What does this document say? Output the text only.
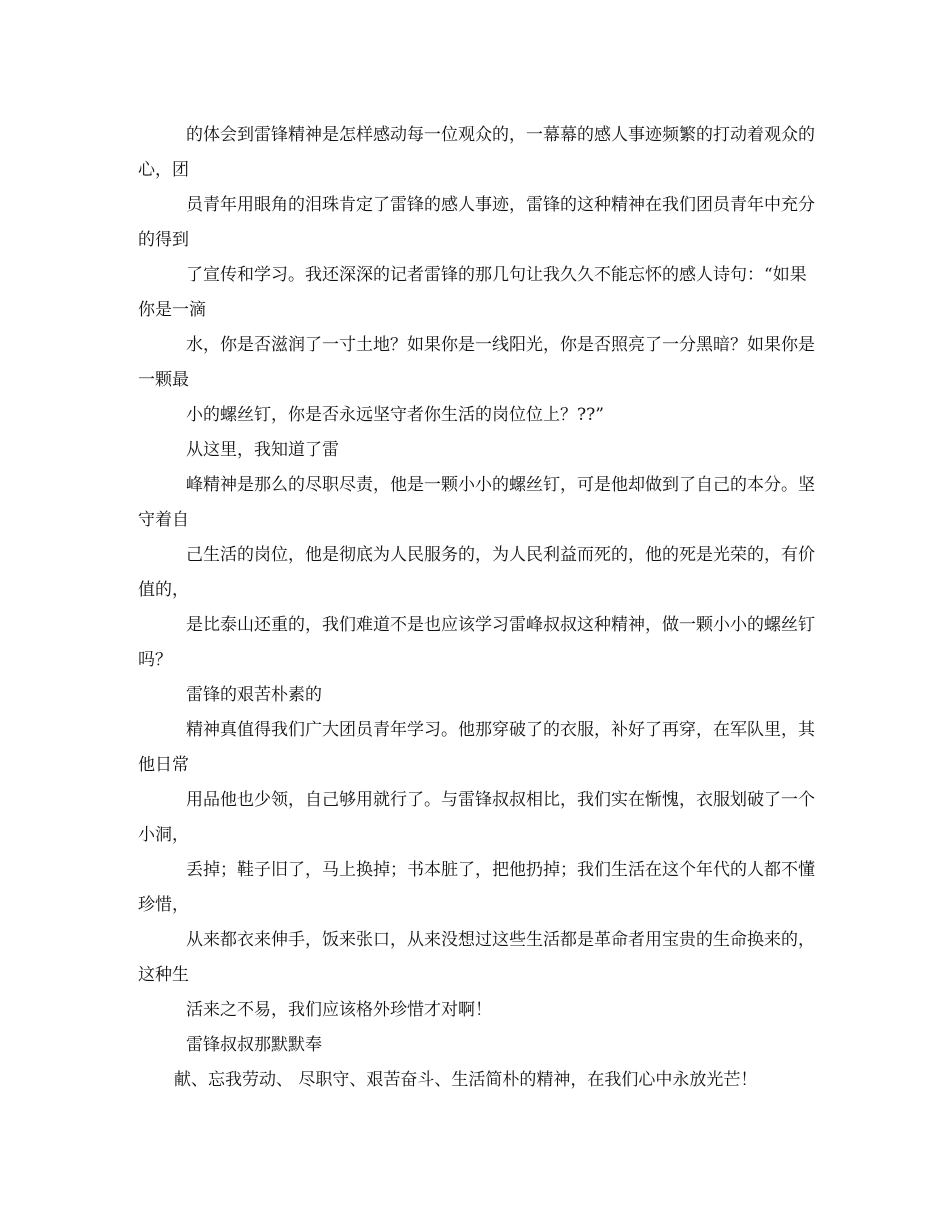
的体会到雷锋精神是怎样感动每一位观众的，一幕幕的感人事迹频繁的打动着观众的心，团

员青年用眼角的泪珠肯定了雷锋的感人事迹，雷锋的这种精神在我们团员青年中充分的得到

了宣传和学习。我还深深的记者雷锋的那几句让我久久不能忘怀的感人诗句：“如果你是一滴

水，你是否滋润了一寸土地？如果你是一线阳光，你是否照亮了一分黑暗？如果你是一颗最

小的螺丝钉，你是否永远坚守者你生活的岗位位上？??”

从这里，我知道了雷

峰精神是那么的尽职尽责，他是一颗小小的螺丝钉，可是他却做到了自己的本分。坚守着自

己生活的岗位，他是彻底为人民服务的，为人民利益而死的，他的死是光荣的，有价值的，

是比泰山还重的，我们难道不是也应该学习雷峰叔叔这种精神，做一颗小小的螺丝钉吗？

雷锋的艰苦朴素的

精神真值得我们广大团员青年学习。他那穿破了的衣服，补好了再穿，在军队里，其他日常

用品他也少领，自己够用就行了。与雷锋叔叔相比，我们实在惭愧，衣服划破了一个小洞，

丢掉；鞋子旧了，马上换掉；书本脏了，把他扔掉；我们生活在这个年代的人都不懂珍惜，

从来都衣来伸手，饭来张口，从来没想过这些生活都是革命者用宝贵的生命换来的，这种生

活来之不易，我们应该格外珍惜才对啊！

雷锋叔叔那默默奉

献、忘我劳动、 尽职守、艰苦奋斗、生活简朴的精神，在我们心中永放光芒！
